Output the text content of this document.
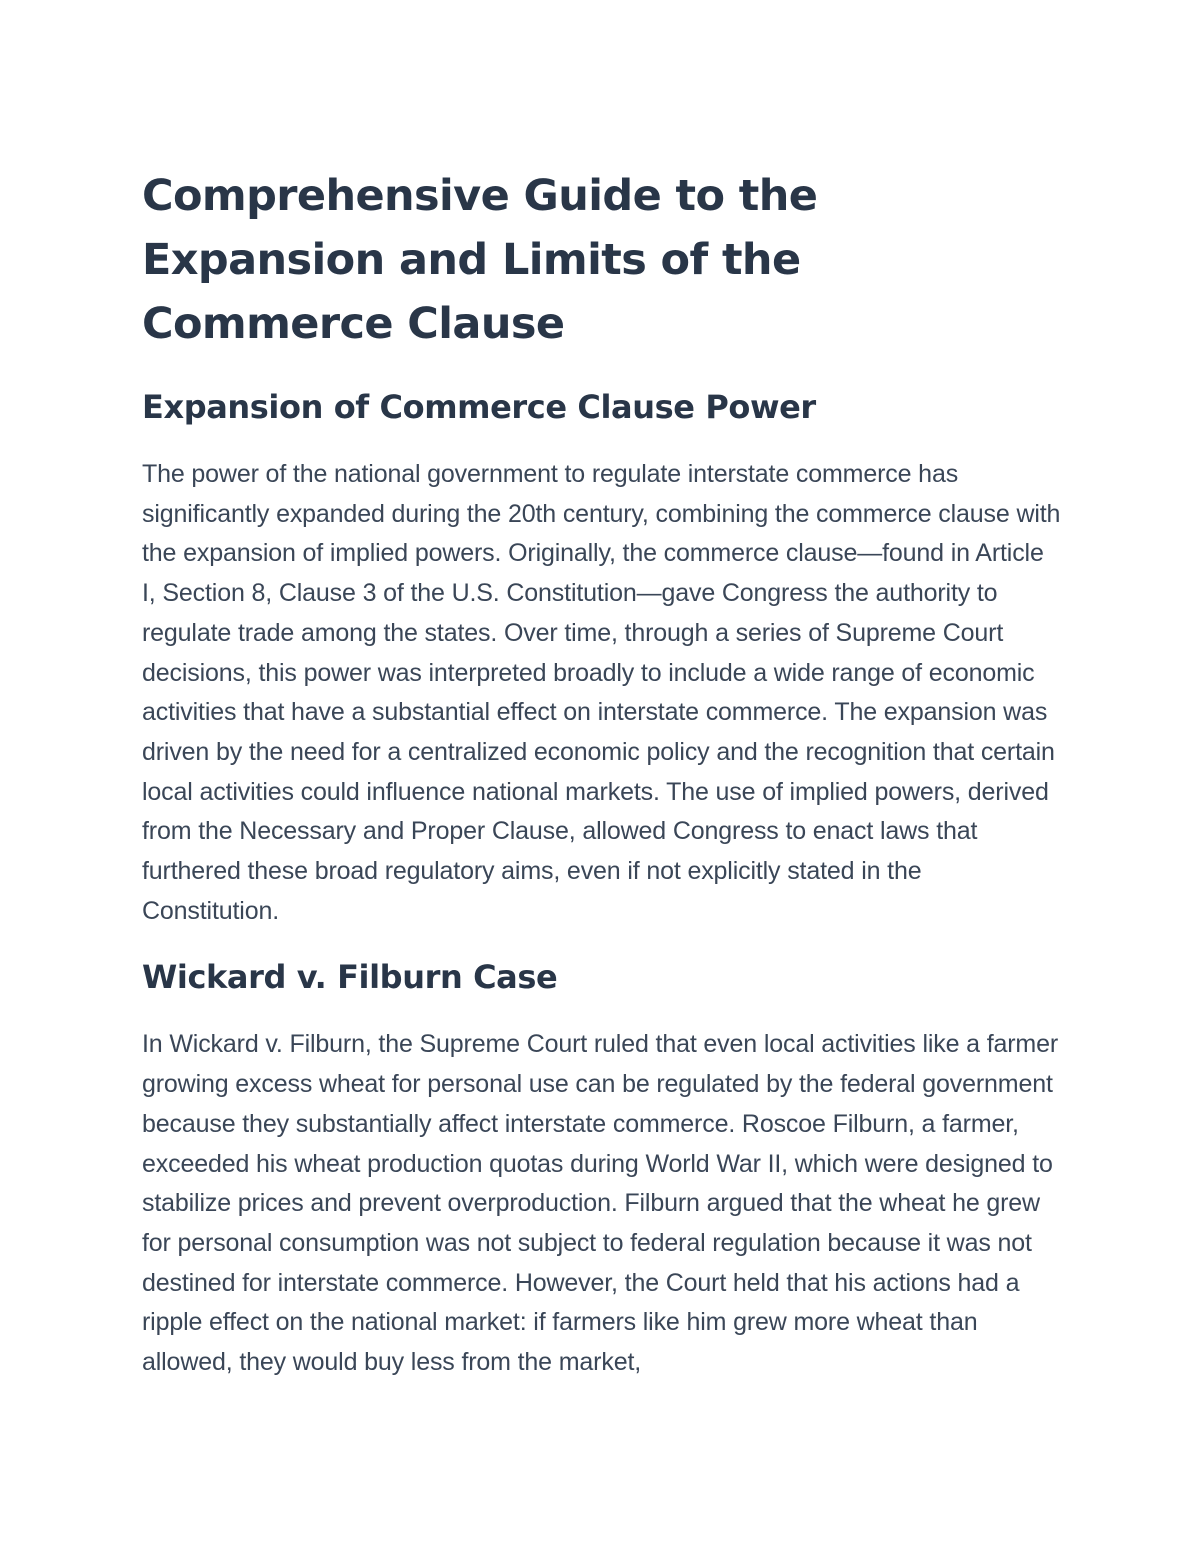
Comprehensive Guide to the Expansion and Limits of the Commerce Clause
Expansion of Commerce Clause Power

The power of the national government to regulate interstate commerce has significantly expanded during the 20th century, combining the commerce clause with the expansion of implied powers. Originally, the commerce clause—found in Article I, Section 8, Clause 3 of the U.S. Constitution—gave Congress the authority to regulate trade among the states. Over time, through a series of Supreme Court decisions, this power was interpreted broadly to include a wide range of economic activities that have a substantial effect on interstate commerce. The expansion was driven by the need for a centralized economic policy and the recognition that certain local activities could influence national markets. The use of implied powers, derived from the Necessary and Proper Clause, allowed Congress to enact laws that furthered these broad regulatory aims, even if not explicitly stated in the Constitution.

Wickard v. Filburn Case

In Wickard v. Filburn, the Supreme Court ruled that even local activities like a farmer growing excess wheat for personal use can be regulated by the federal government because they substantially affect interstate commerce. Roscoe Filburn, a farmer, exceeded his wheat production quotas during World War II, which were designed to stabilize prices and prevent overproduction. Filburn argued that the wheat he grew for personal consumption was not subject to federal regulation because it was not destined for interstate commerce. However, the Court held that his actions had a ripple effect on the national market: if farmers like him grew more wheat than allowed, they would buy less from the market,
